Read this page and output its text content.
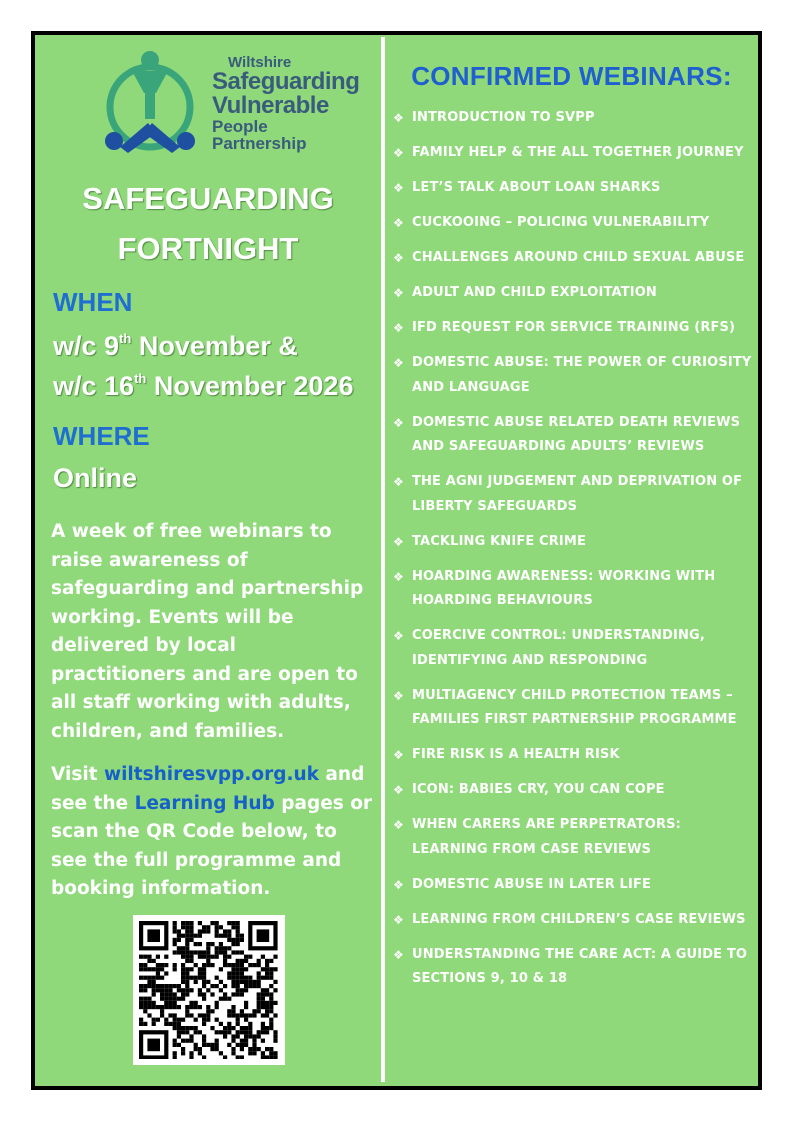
Wiltshire
Safeguarding
Vulnerable
People Partnership
SAFEGUARDING
FORTNIGHT
WHEN
w/c 9th November &
w/c 16th November 2026
WHERE
Online
A week of free webinars to raise awareness of safeguarding and partnership working. Events will be delivered by local practitioners and are open to all staff working with adults, children, and families.
Visit wiltshiresvpp.org.uk and see the Learning Hub pages or scan the QR Code below, to see the full programme and booking information.
CONFIRMED WEBINARS:
❖ INTRODUCTION TO SVPP
❖ FAMILY HELP & THE ALL TOGETHER JOURNEY
❖ LET’S TALK ABOUT LOAN SHARKS
❖ CUCKOOING – POLICING VULNERABILITY
❖ CHALLENGES AROUND CHILD SEXUAL ABUSE
❖ ADULT AND CHILD EXPLOITATION
❖ IFD REQUEST FOR SERVICE TRAINING (RFS)
❖ DOMESTIC ABUSE: THE POWER OF CURIOSITY AND LANGUAGE
❖ DOMESTIC ABUSE RELATED DEATH REVIEWS AND SAFEGUARDING ADULTS’ REVIEWS
❖ THE AGNI JUDGEMENT AND DEPRIVATION OF LIBERTY SAFEGUARDS
❖ TACKLING KNIFE CRIME
❖ HOARDING AWARENESS: WORKING WITH HOARDING BEHAVIOURS
❖ COERCIVE CONTROL: UNDERSTANDING, IDENTIFYING AND RESPONDING
❖ MULTIAGENCY CHILD PROTECTION TEAMS – FAMILIES FIRST PARTNERSHIP PROGRAMME
❖ FIRE RISK IS A HEALTH RISK
❖ ICON: BABIES CRY, YOU CAN COPE
❖ WHEN CARERS ARE PERPETRATORS: LEARNING FROM CASE REVIEWS
❖ DOMESTIC ABUSE IN LATER LIFE
❖ LEARNING FROM CHILDREN’S CASE REVIEWS
❖ UNDERSTANDING THE CARE ACT: A GUIDE TO SECTIONS 9, 10 & 18
